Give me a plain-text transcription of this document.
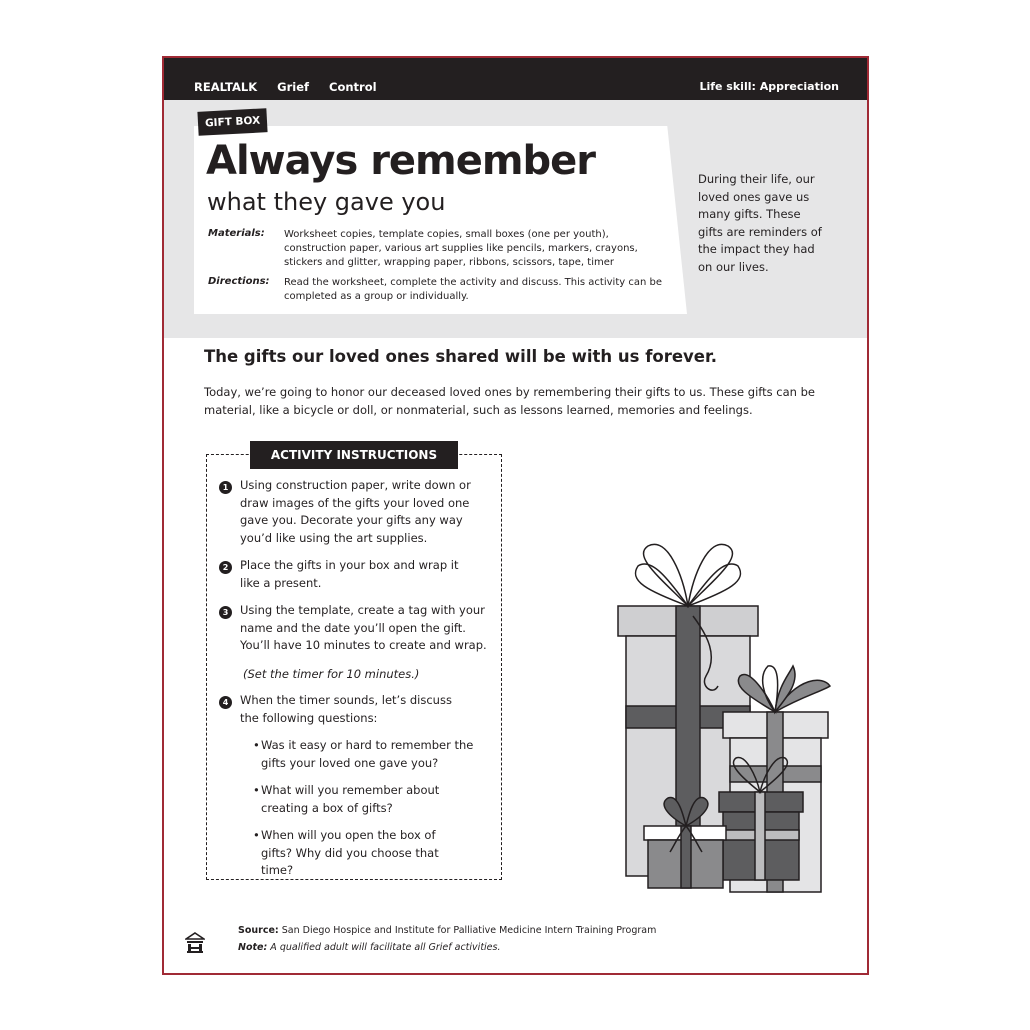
REALTALK Grief Control	Life skill: Appreciation
GIFT BOX
Always remember
what they gave you
Materials: Worksheet copies, template copies, small boxes (one per youth), construction paper, various art supplies like pencils, markers, crayons, stickers and glitter, wrapping paper, ribbons, scissors, tape, timer
Directions: Read the worksheet, complete the activity and discuss. This activity can be completed as a group or individually.
During their life, our loved ones gave us many gifts. These gifts are reminders of the impact they had on our lives.
The gifts our loved ones shared will be with us forever.
Today, we’re going to honor our deceased loved ones by remembering their gifts to us. These gifts can be material, like a bicycle or doll, or nonmaterial, such as lessons learned, memories and feelings.
ACTIVITY INSTRUCTIONS
1	Using construction paper, write down or draw images of the gifts your loved one gave you. Decorate your gifts any way you’d like using the art supplies.
2	Place the gifts in your box and wrap it like a present.
3	Using the template, create a tag with your name and the date you’ll open the gift. You’ll have 10 minutes to create and wrap.
(Set the timer for 10 minutes.)
4	When the timer sounds, let’s discuss the following questions:
• Was it easy or hard to remember the gifts your loved one gave you?
• What will you remember about creating a box of gifts?
• When will you open the box of gifts? Why did you choose that time?
Source: San Diego Hospice and Institute for Palliative Medicine Intern Training Program
Note: A qualified adult will facilitate all Grief activities.
